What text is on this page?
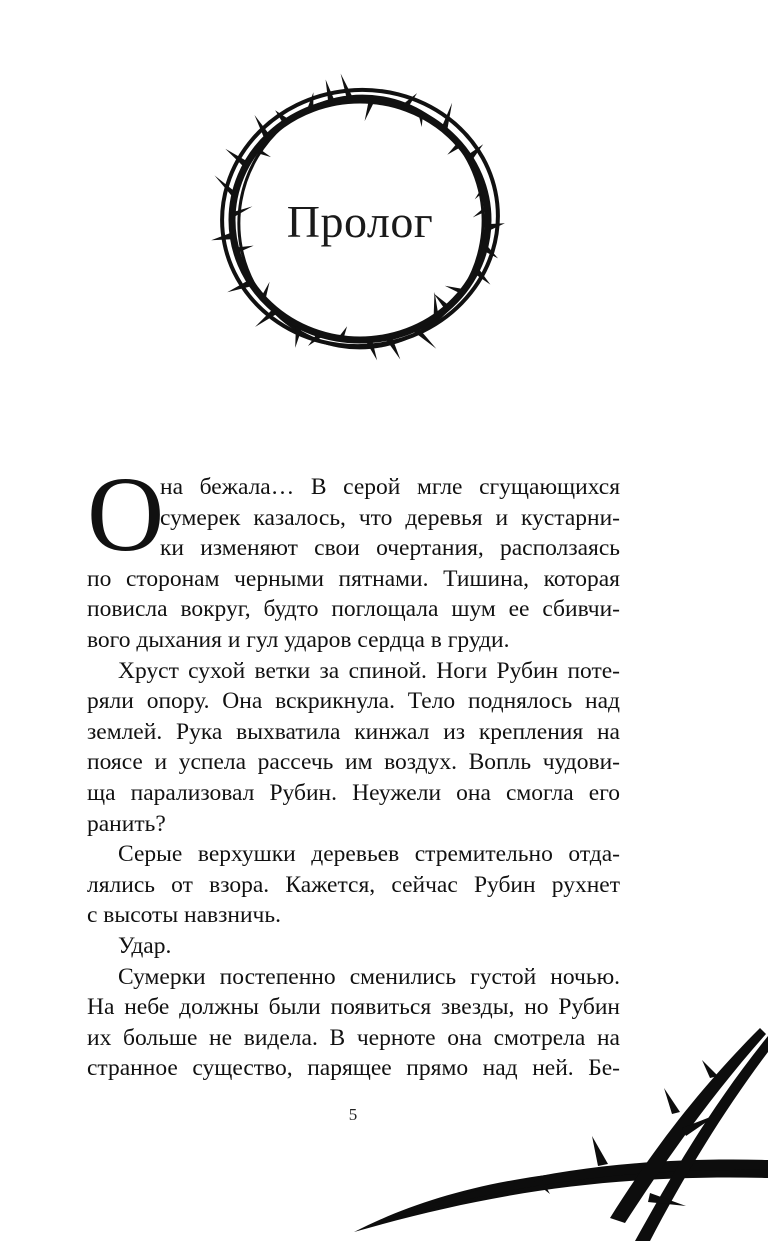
Пролог
О
на бежала… В серой мгле сгущающихся
сумерек казалось, что деревья и кустарни-
ки изменяют свои очертания, расползаясь
по сторонам черными пятнами. Тишина, которая
повисла вокруг, будто поглощала шум ее сбивчи-
вого дыхания и гул ударов сердца в груди.
Хруст сухой ветки за спиной. Ноги Рубин поте-
ряли опору. Она вскрикнула. Тело поднялось над
землей. Рука выхватила кинжал из крепления на
поясе и успела рассечь им воздух. Вопль чудови-
ща парализовал Рубин. Неужели она смогла его
ранить?
Серые верхушки деревьев стремительно отда-
лялись от взора. Кажется, сейчас Рубин рухнет
с высоты навзничь.
Удар.
Сумерки постепенно сменились густой ночью.
На небе должны были появиться звезды, но Рубин
их больше не видела. В черноте она смотрела на
странное существо, парящее прямо над ней. Бе-
5
